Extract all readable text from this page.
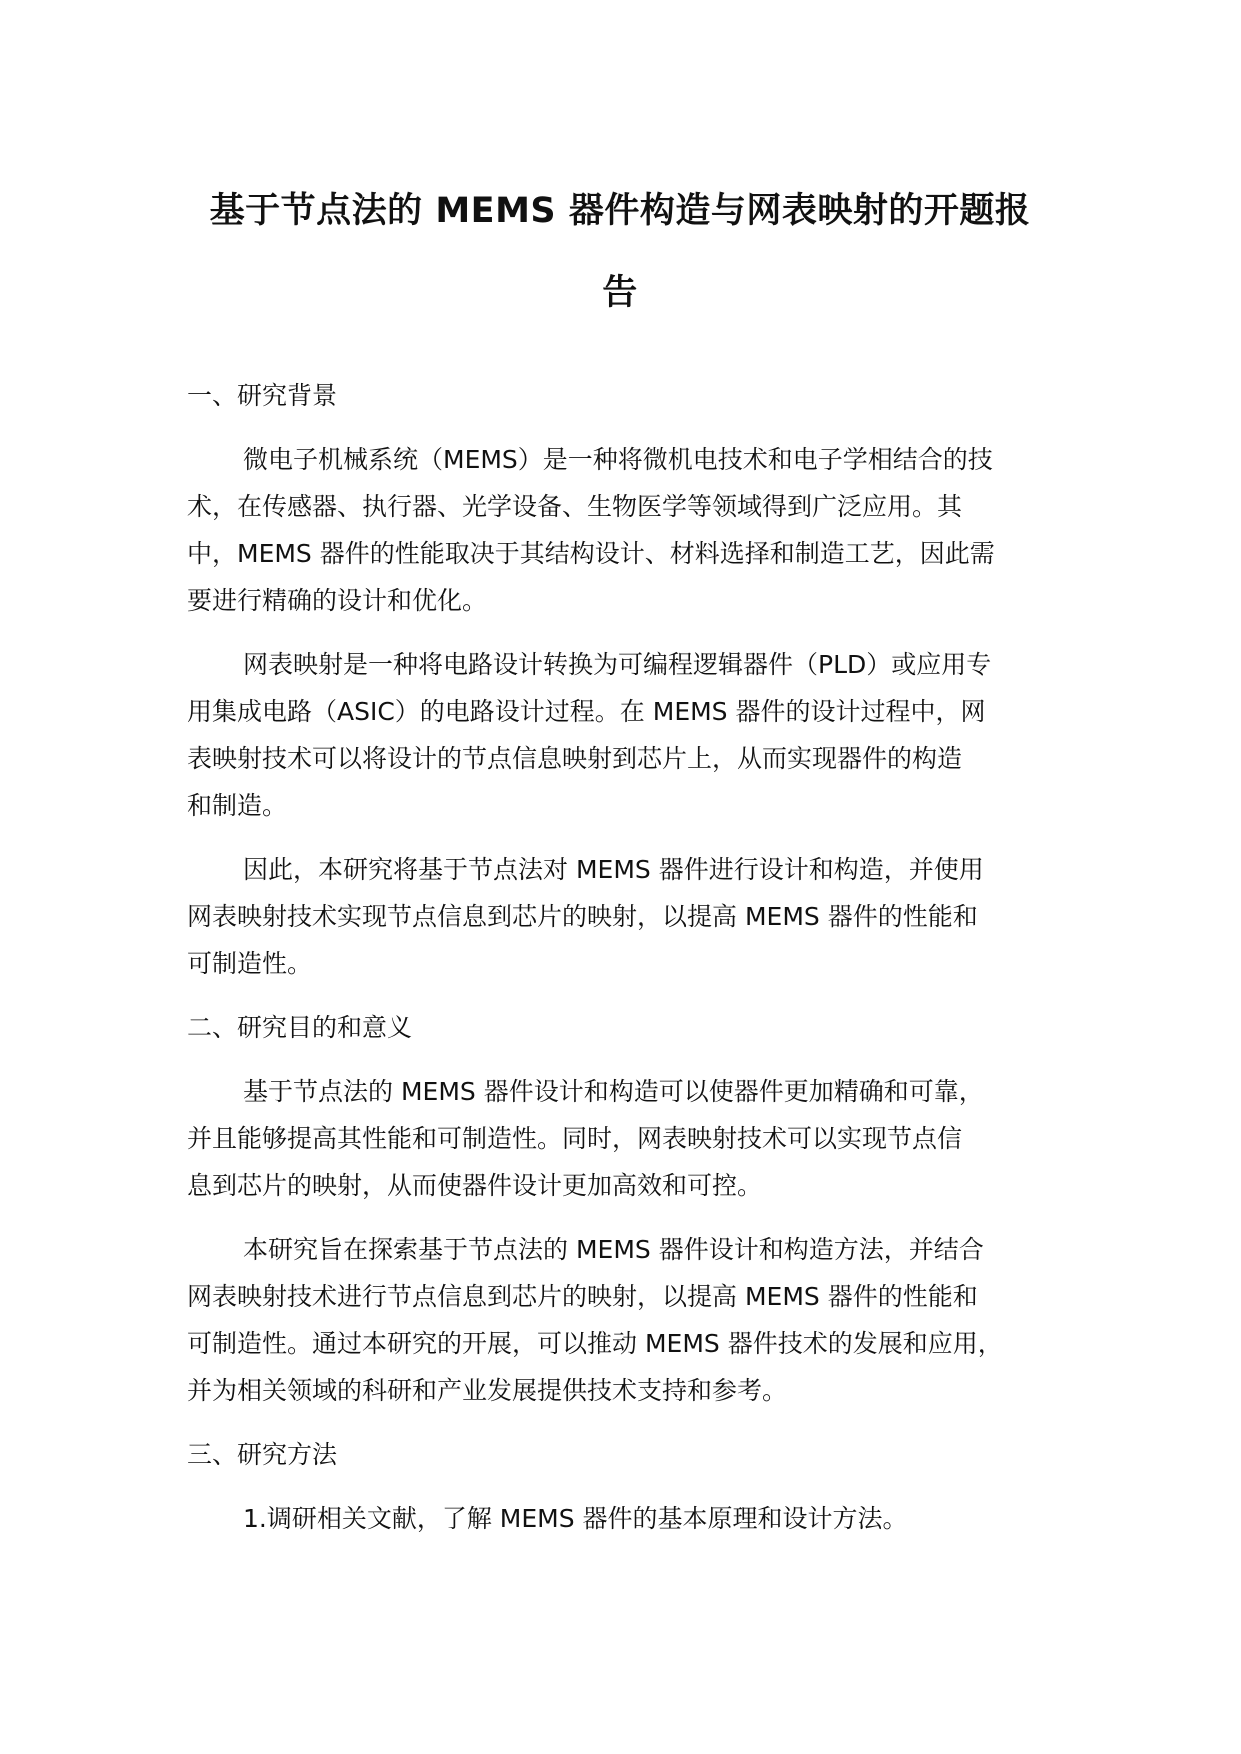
基于节点法的 MEMS 器件构造与网表映射的开题报
告
一、研究背景

微电子机械系统（MEMS）是一种将微机电技术和电子学相结合的技
术，在传感器、执行器、光学设备、生物医学等领域得到广泛应用。其
中，MEMS 器件的性能取决于其结构设计、材料选择和制造工艺，因此需
要进行精确的设计和优化。

网表映射是一种将电路设计转换为可编程逻辑器件（PLD）或应用专
用集成电路（ASIC）的电路设计过程。在 MEMS 器件的设计过程中，网
表映射技术可以将设计的节点信息映射到芯片上，从而实现器件的构造
和制造。

因此，本研究将基于节点法对 MEMS 器件进行设计和构造，并使用
网表映射技术实现节点信息到芯片的映射，以提高 MEMS 器件的性能和
可制造性。

二、研究目的和意义

基于节点法的 MEMS 器件设计和构造可以使器件更加精确和可靠，
并且能够提高其性能和可制造性。同时，网表映射技术可以实现节点信
息到芯片的映射，从而使器件设计更加高效和可控。

本研究旨在探索基于节点法的 MEMS 器件设计和构造方法，并结合
网表映射技术进行节点信息到芯片的映射，以提高 MEMS 器件的性能和
可制造性。通过本研究的开展，可以推动 MEMS 器件技术的发展和应用，
并为相关领域的科研和产业发展提供技术支持和参考。

三、研究方法

1.调研相关文献，了解 MEMS 器件的基本原理和设计方法。
